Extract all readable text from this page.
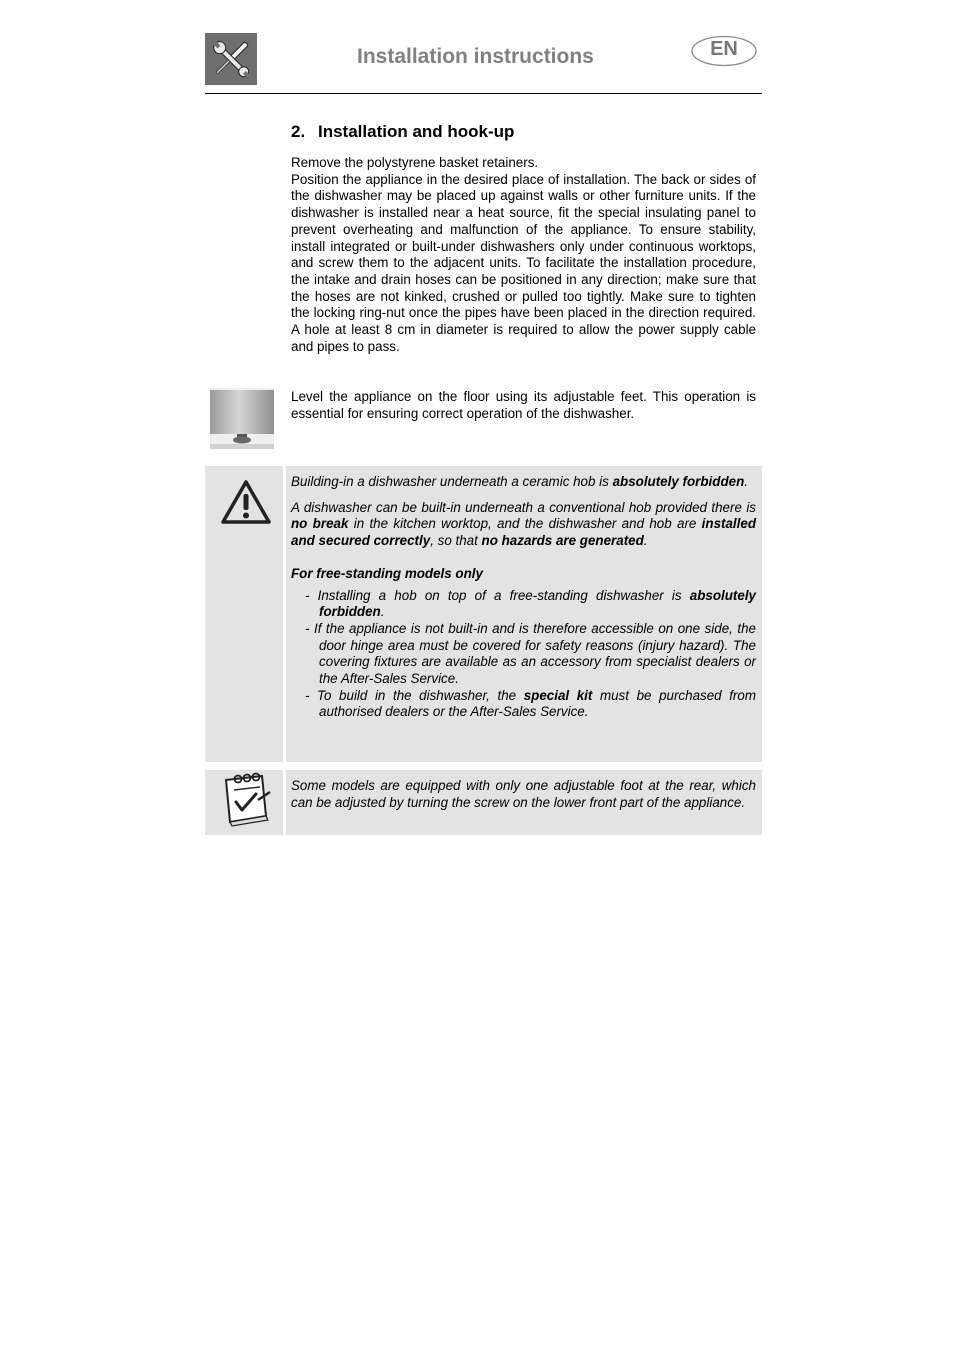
Installation instructions	EN
2. Installation and hook-up

Remove the polystyrene basket retainers.

Position the appliance in the desired place of installation. The back or sides of the dishwasher may be placed up against walls or other furniture units. If the dishwasher is installed near a heat source, fit the special insulating panel to prevent overheating and malfunction of the appliance. To ensure stability, install integrated or built-under dishwashers only under continuous worktops, and screw them to the adjacent units. To facilitate the installation procedure, the intake and drain hoses can be positioned in any direction; make sure that the hoses are not kinked, crushed or pulled too tightly. Make sure to tighten the locking ring-nut once the pipes have been placed in the direction required. A hole at least 8 cm in diameter is required to allow the power supply cable and pipes to pass.

Level the appliance on the floor using its adjustable feet. This operation is essential for ensuring correct operation of the dishwasher.

Building-in a dishwasher underneath a ceramic hob is absolutely forbidden.

A dishwasher can be built-in underneath a conventional hob provided there is no break in the kitchen worktop, and the dishwasher and hob are installed and secured correctly, so that no hazards are generated.

For free-standing models only

- Installing a hob on top of a free-standing dishwasher is absolutely forbidden.

- If the appliance is not built-in and is therefore accessible on one side, the door hinge area must be covered for safety reasons (injury hazard). The covering fixtures are available as an accessory from specialist dealers or the After-Sales Service.

- To build in the dishwasher, the special kit must be purchased from authorised dealers or the After-Sales Service.

Some models are equipped with only one adjustable foot at the rear, which can be adjusted by turning the screw on the lower front part of the appliance.
